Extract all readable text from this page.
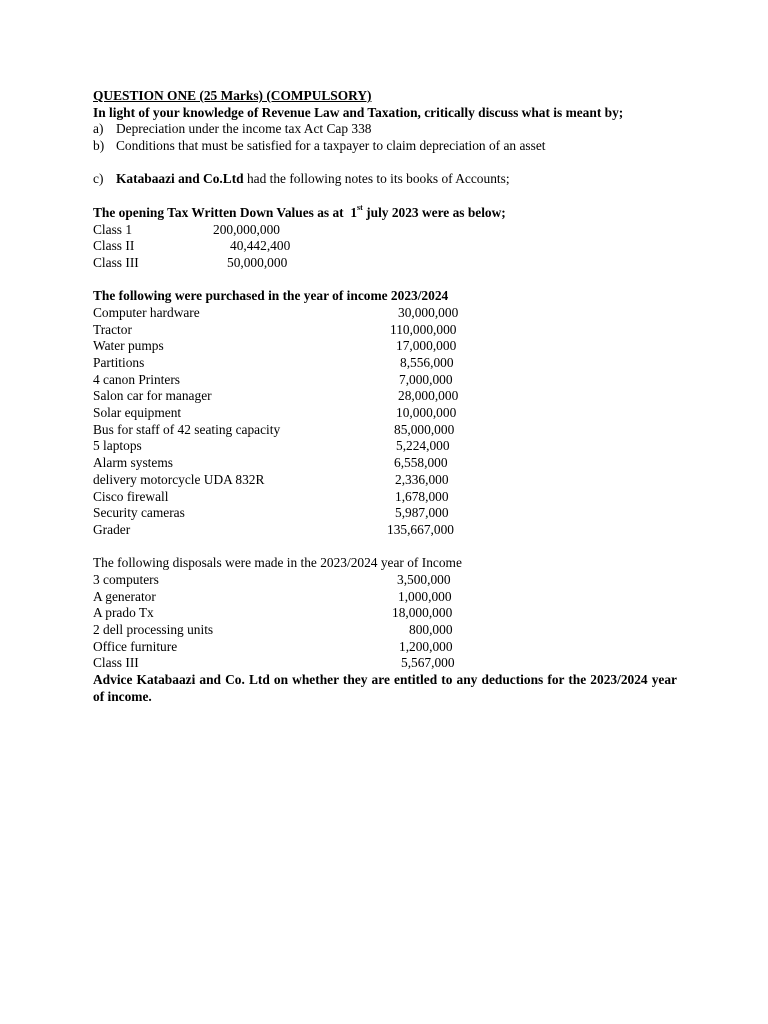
QUESTION ONE (25 Marks) (COMPULSORY)
In light of your knowledge of Revenue Law and Taxation, critically discuss what is meant by;
a) Depreciation under the income tax Act Cap 338
b) Conditions that must be satisfied for a taxpayer to claim depreciation of an asset
c) Katabaazi and Co.Ltd had the following notes to its books of Accounts;
The opening Tax Written Down Values as at  1st july 2023 were as below;
Class 1	200,000,000
Class II	40,442,400
Class III	50,000,000
The following were purchased in the year of income 2023/2024
Computer hardware	30,000,000
Tractor	110,000,000
Water pumps	17,000,000
Partitions	8,556,000
4 canon Printers	7,000,000
Salon car for manager	28,000,000
Solar equipment	10,000,000
Bus for staff of 42 seating capacity	85,000,000
5 laptops	5,224,000
Alarm systems	6,558,000
delivery motorcycle UDA 832R	2,336,000
Cisco firewall	1,678,000
Security cameras	5,987,000
Grader	135,667,000
The following disposals were made in the 2023/2024 year of Income
3 computers	3,500,000
A generator	1,000,000
A prado Tx	18,000,000
2 dell processing units	800,000
Office furniture	1,200,000
Class III	5,567,000
Advice Katabaazi and Co. Ltd on whether they are entitled to any deductions for the 2023/2024 year of income.
